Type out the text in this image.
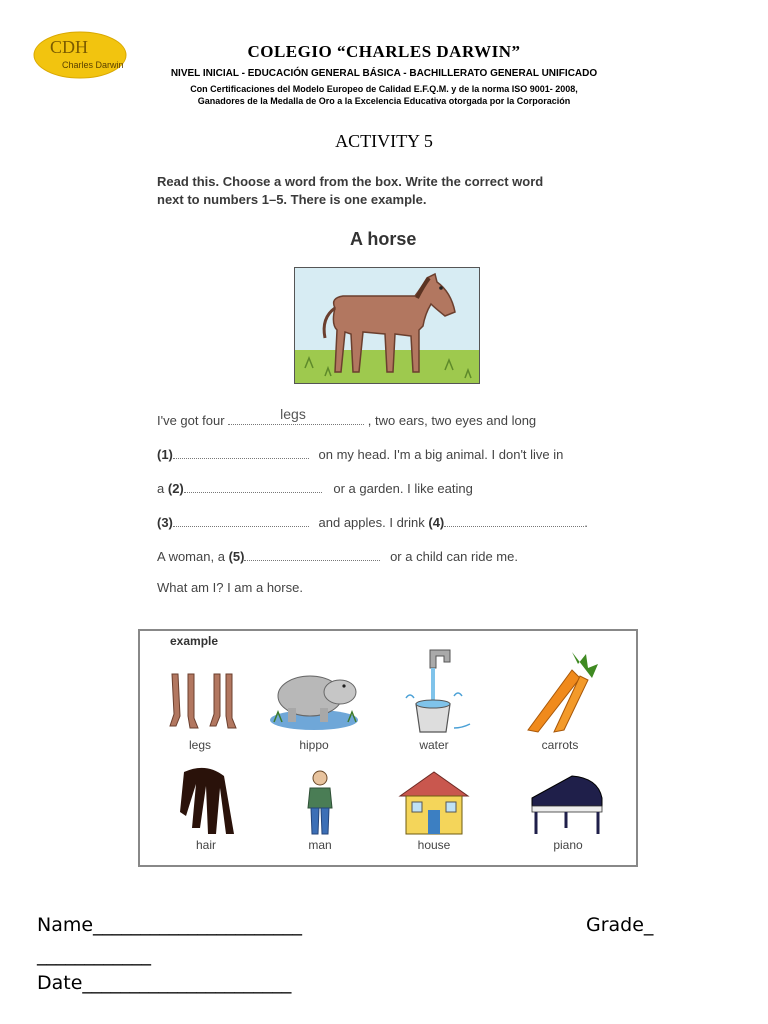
CDH
Charles Darwin
COLEGIO “CHARLES DARWIN”
NIVEL INICIAL - EDUCACIÓN GENERAL BÁSICA - BACHILLERATO GENERAL UNIFICADO
Con Certificaciones del Modelo Europeo de Calidad E.F.Q.M. y de la norma ISO 9001- 2008,
Ganadores de la Medalla de Oro a la Excelencia Educativa otorgada por la Corporación
ACTIVITY 5
Read this. Choose a word from the box. Write the correct word
next to numbers 1–5. There is one example.
A horse
I've got four	legs	, two ears, two eyes and long
(1)	on my head. I'm a big animal. I don't live in
a (2)	or a garden. I like eating
(3)	and apples. I drink (4)	.
A woman, a (5)	or a child can ride me.
What am I? I am a horse.
example
legs	hippo	water	carrots
hair	man	house	piano
Name______________________	Grade_
____________
Date______________________
